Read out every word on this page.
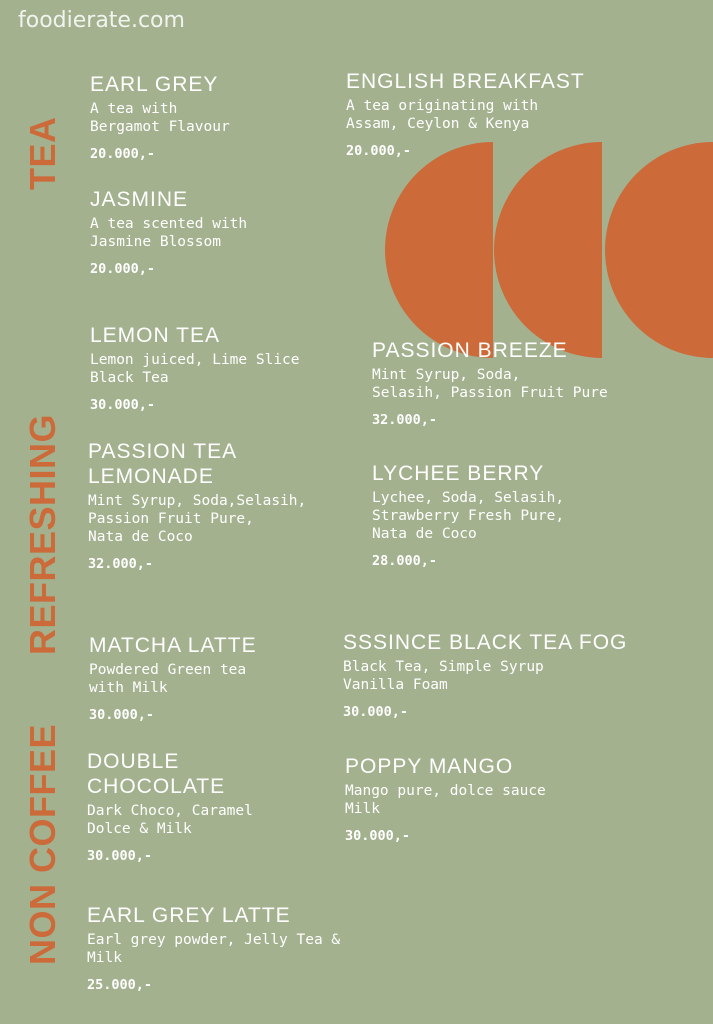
foodierate.com
NON COFFEE
REFRESHING
TEA
EARL GREY
A tea with
Bergamot Flavour
20.000,-
ENGLISH BREAKFAST
A tea originating with
Assam, Ceylon & Kenya
20.000,-
JASMINE
A tea scented with
Jasmine Blossom
20.000,-
LEMON TEA
Lemon juiced, Lime Slice
Black Tea
30.000,-
PASSION BREEZE
Mint Syrup, Soda,
Selasih, Passion Fruit Pure
32.000,-
PASSION TEA
LEMONADE
Mint Syrup, Soda,Selasih,
Passion Fruit Pure,
Nata de Coco
32.000,-
LYCHEE BERRY
Lychee, Soda, Selasih,
Strawberry Fresh Pure,
Nata de Coco
28.000,-
MATCHA LATTE
Powdered Green tea
with Milk
30.000,-
SSSINCE BLACK TEA FOG
Black Tea, Simple Syrup
Vanilla Foam
30.000,-
DOUBLE
CHOCOLATE
Dark Choco, Caramel
Dolce & Milk
30.000,-
POPPY MANGO
Mango pure, dolce sauce
Milk
30.000,-
EARL GREY LATTE
Earl grey powder, Jelly Tea &
Milk
25.000,-
